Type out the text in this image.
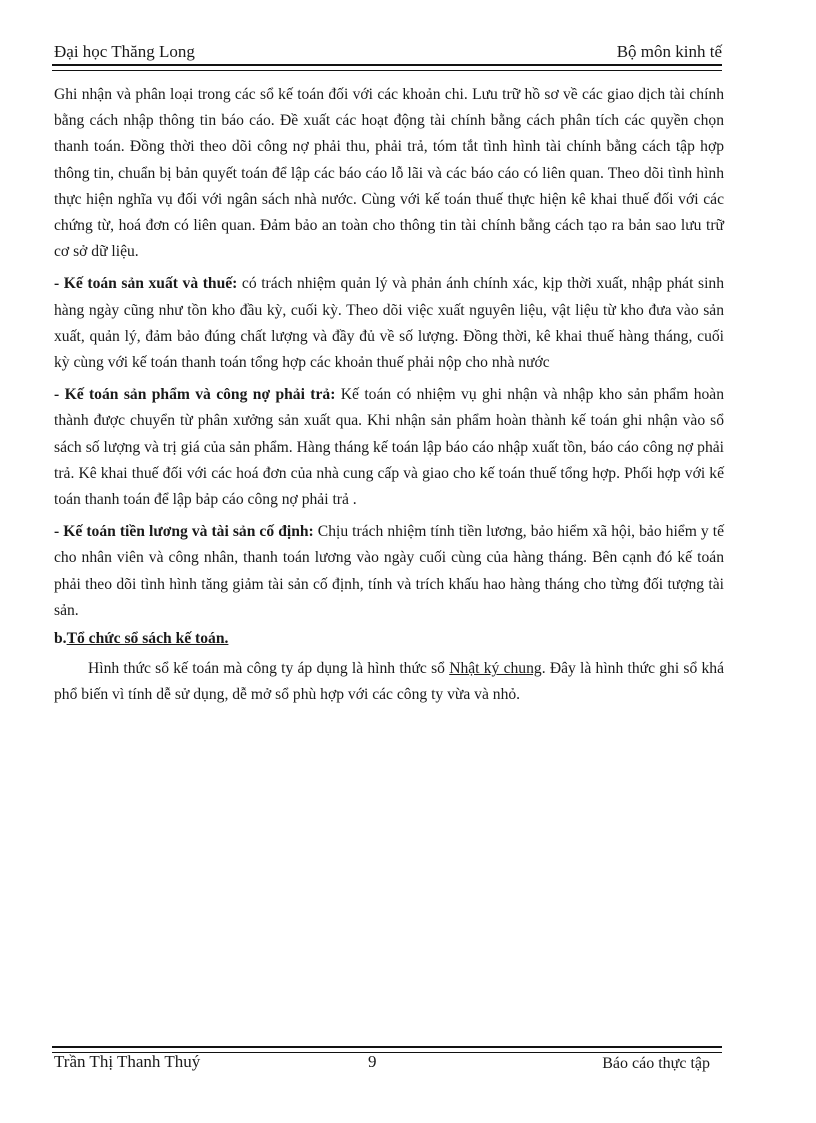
Đại học Thăng Long	Bộ môn kinh tế

Ghi nhận và phân loại trong các sổ kế toán đối với các khoản chi. Lưu trữ hồ sơ về các giao dịch tài chính bằng cách nhập thông tin báo cáo. Đề xuất các hoạt động tài chính bằng cách phân tích các quyền chọn thanh toán. Đồng thời theo dõi công nợ phải thu, phải trả, tóm tắt tình hình tài chính bằng cách tập hợp thông tin, chuẩn bị bản quyết toán để lập các báo cáo lỗ lãi và các báo cáo có liên quan. Theo dõi tình hình thực hiện nghĩa vụ đối với ngân sách nhà nước. Cùng với kế toán thuế thực hiện kê khai thuế đối với các chứng từ, hoá đơn có liên quan. Đảm bảo an toàn cho thông tin tài chính bằng cách tạo ra bản sao lưu trữ cơ sở dữ liệu.

- Kế toán sản xuất và thuế: có trách nhiệm quản lý và phản ánh chính xác, kịp thời xuất, nhập phát sinh hàng ngày cũng như tồn kho đầu kỳ, cuối kỳ. Theo dõi việc xuất nguyên liệu, vật liệu từ kho đưa vào sản xuất, quản lý, đảm bảo đúng chất lượng và đầy đủ về số lượng. Đồng thời, kê khai thuế hàng tháng, cuối kỳ cùng với kế toán thanh toán tổng hợp các khoản thuế phải nộp cho nhà nước

- Kế toán sản phẩm và công nợ phải trả: Kế toán có nhiệm vụ ghi nhận và nhập kho sản phẩm hoàn thành được chuyển từ phân xưởng sản xuất qua. Khi nhận sản phẩm hoàn thành kế toán ghi nhận vào sổ sách số lượng và trị giá của sản phẩm. Hàng tháng kế toán lập báo cáo nhập xuất tồn, báo cáo công nợ phải trả. Kê khai thuế đối với các hoá đơn của nhà cung cấp và giao cho kế toán thuế tổng hợp. Phối hợp với kế toán thanh toán để lập bảp cáo công nợ phải trả .

- Kế toán tiền lương và tài sản cố định: Chịu trách nhiệm tính tiền lương, bảo hiểm xã hội, bảo hiểm y tế cho nhân viên và công nhân, thanh toán lương vào ngày cuối cùng của hàng tháng. Bên cạnh đó kế toán phải theo dõi tình hình tăng giảm tài sản cố định, tính và trích khấu hao hàng tháng cho từng đối tượng tài sản.

b.Tổ chức sổ sách kế toán.

Hình thức sổ kế toán mà công ty áp dụng là hình thức sổ Nhật ký chung. Đây là hình thức ghi sổ khá phổ biến vì tính dễ sử dụng, dễ mở sổ phù hợp với các công ty vừa và nhỏ.

Trần Thị Thanh Thuý	9	Báo cáo thực tập
